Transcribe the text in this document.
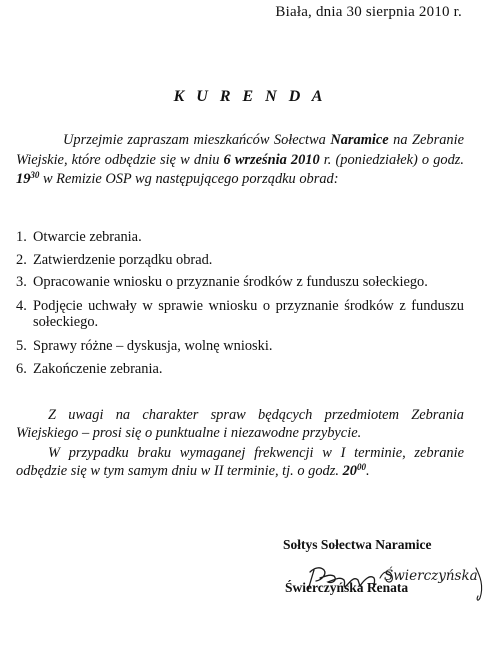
Biała, dnia 30 sierpnia 2010 r.
K U R E N D A

Uprzejmie zapraszam mieszkańców Sołectwa Naramice na Zebranie Wiejskie, które odbędzie się w dniu 6 września 2010 r. (poniedziałek) o godz. $19^{30}$ w Remizie OSP wg następującego porządku obrad:

1. Otwarcie zebrania.
2. Zatwierdzenie porządku obrad.
3. Opracowanie wniosku o przyznanie środków z funduszu sołeckiego.
4. Podjęcie uchwały w sprawie wniosku o przyznanie środków z funduszu sołeckiego.
5. Sprawy różne – dyskusja, wolnę wnioski.
6. Zakończenie zebrania.

Z uwagi na charakter spraw będących przedmiotem Zebrania Wiejskiego – prosi się o punktualne i niezawodne przybycie.

W przypadku braku wymaganej frekwencji w I terminie, zebranie odbędzie się w tym samym dniu w II terminie, tj. o godz. $20^{00}$.

Sołtys Sołectwa Naramice
Świerczyńska
Świerczyńska Renata
